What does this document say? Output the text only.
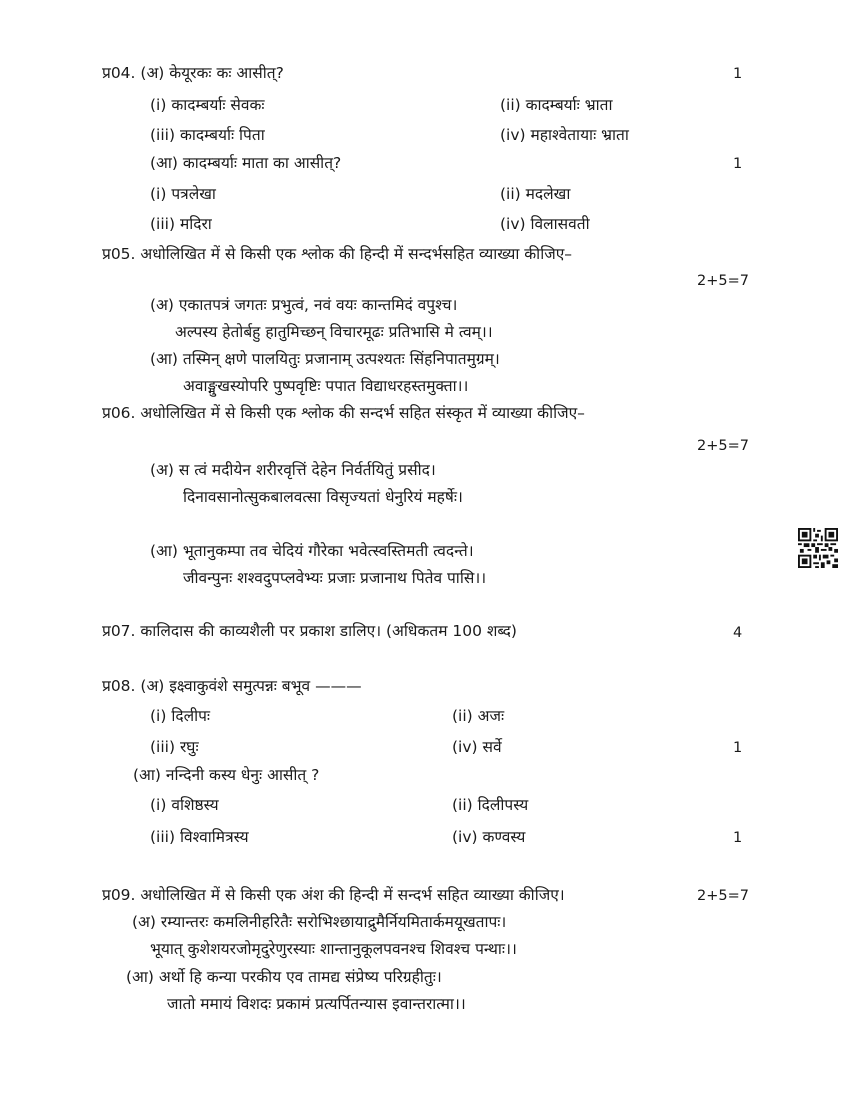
प्र04. (अ) केयूरकः कः आसीत्?	1
(i) कादम्बर्याः सेवकः	(ii) कादम्बर्याः भ्राता
(iii) कादम्बर्याः पिता	(iv) महाश्वेतायाः भ्राता
(आ) कादम्बर्याः माता का आसीत्?	1
(i) पत्रलेखा	(ii) मदलेखा
(iii) मदिरा	(iv) विलासवती
प्र05. अधोलिखित में से किसी एक श्लोक की हिन्दी में सन्दर्भसहित व्याख्या कीजिए–
2+5=7
(अ) एकातपत्रं जगतः प्रभुत्वं, नवं वयः कान्तमिदं वपुश्च।
अल्पस्य हेतोर्बहु हातुमिच्छन् विचारमूढः प्रतिभासि मे त्वम्।।
(आ) तस्मिन् क्षणे पालयितुः प्रजानाम् उत्पश्यतः सिंहनिपातमुग्रम्।
अवाङ्मुखस्योपरि पुष्पवृष्टिः पपात विद्याधरहस्तमुक्ता।।
प्र06. अधोलिखित में से किसी एक श्लोक की सन्दर्भ सहित संस्कृत में व्याख्या कीजिए–
2+5=7
(अ) स त्वं मदीयेन शरीरवृत्तिं देहेन निर्वर्तयितुं प्रसीद।
दिनावसानोत्सुकबालवत्सा विसृज्यतां धेनुरियं महर्षेः।
(आ) भूतानुकम्पा तव चेदियं गौरेका भवेत्स्वस्तिमती त्वदन्ते।
जीवन्पुनः शश्वदुपप्लवेभ्यः प्रजाः प्रजानाथ पितेव पासि।।
प्र07. कालिदास की काव्यशैली पर प्रकाश डालिए। (अधिकतम 100 शब्द)	4
प्र08. (अ) इक्ष्वाकुवंशे समुत्पन्नः बभूव ———
(i) दिलीपः	(ii) अजः
(iii) रघुः	(iv) सर्वे	1
(आ) नन्दिनी कस्य धेनुः आसीत् ?
(i) वशिष्ठस्य	(ii) दिलीपस्य
(iii) विश्वामित्रस्य	(iv) कण्वस्य	1
प्र09. अधोलिखित में से किसी एक अंश की हिन्दी में सन्दर्भ सहित व्याख्या कीजिए।	2+5=7
(अ) रम्यान्तरः कमलिनीहरितैः सरोभिश्छायाद्रुमैर्नियमितार्कमयूखतापः।
भूयात् कुशेशयरजोमृदुरेणुरस्याः शान्तानुकूलपवनश्च शिवश्च पन्थाः।।
(आ) अर्थो हि कन्या परकीय एव तामद्य संप्रेष्य परिग्रहीतुः।
जातो ममायं विशदः प्रकामं प्रत्यर्पितन्यास इवान्तरात्मा।।
